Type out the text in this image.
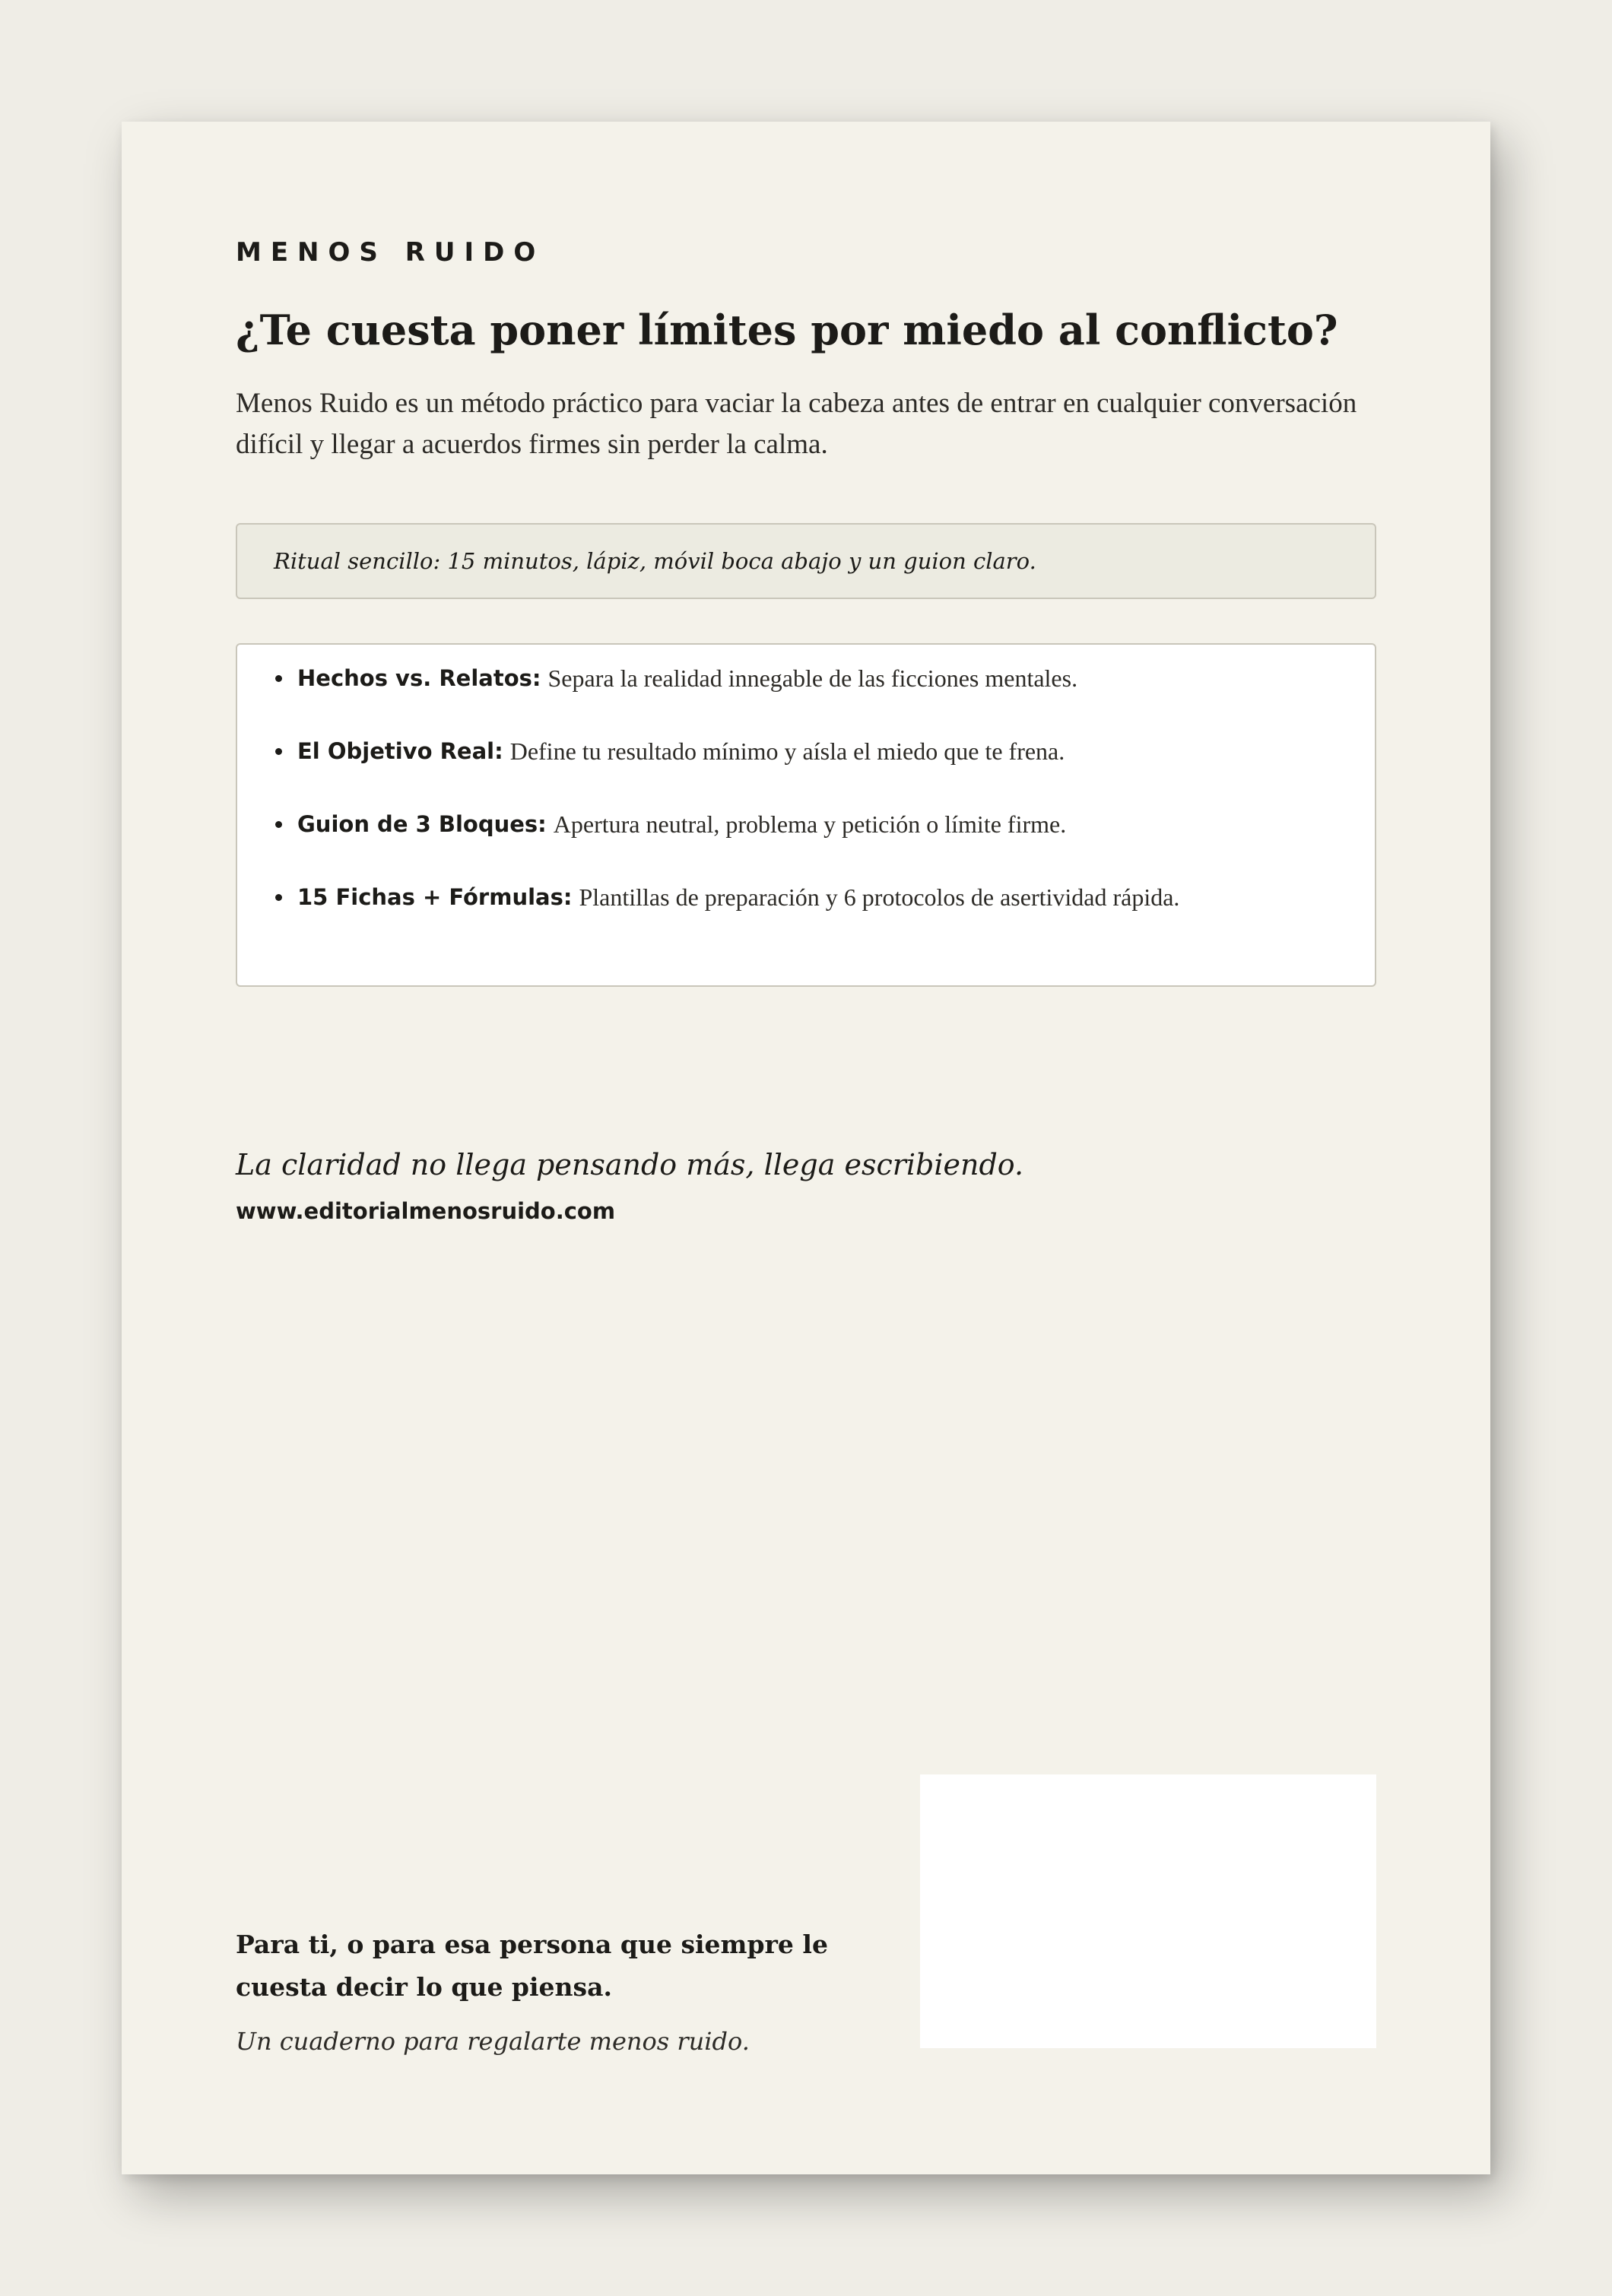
MENOS RUIDO
¿Te cuesta poner límites por miedo al conflicto?

Menos Ruido es un método práctico para vaciar la cabeza antes de entrar en cualquier conversación difícil y llegar a acuerdos firmes sin perder la calma.

Ritual sencillo: 15 minutos, lápiz, móvil boca abajo y un guion claro.
Hechos vs. Relatos: Separa la realidad innegable de las ficciones mentales.
El Objetivo Real: Define tu resultado mínimo y aísla el miedo que te frena.
Guion de 3 Bloques: Apertura neutral, problema y petición o límite firme.
15 Fichas + Fórmulas: Plantillas de preparación y 6 protocolos de asertividad rápida.
La claridad no llega pensando más, llega escribiendo.
www.editorialmenosruido.com
Para ti, o para esa persona que siempre le cuesta decir lo que piensa.
Un cuaderno para regalarte menos ruido.
